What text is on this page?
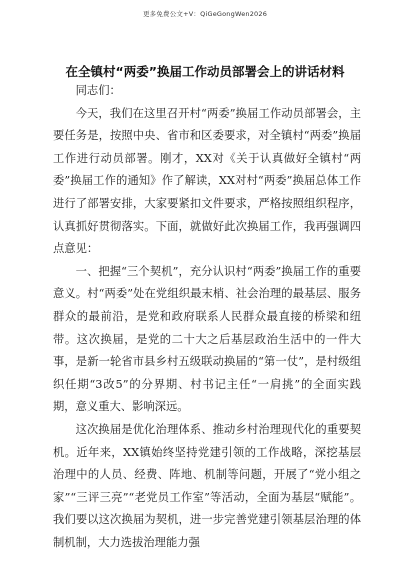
更多免费公文+V：QiGeGongWen2026
在全镇村“两委”换届工作动员部署会上的讲话材料

同志们：

今天，我们在这里召开村“两委”换届工作动员部署会，主要任务是，按照中央、省市和区委要求，对全镇村“两委”换届工作进行动员部署。刚才，XX对《关于认真做好全镇村“两委”换届工作的通知》作了解读，XX对村“两委”换届总体工作进行了部署安排，大家要紧扣文件要求，严格按照组织程序，认真抓好贯彻落实。下面，就做好此次换届工作，我再强调四点意见：

一、把握“三个契机”，充分认识村“两委”换届工作的重要意义。村“两委”处在党组织最末梢、社会治理的最基层、服务群众的最前沿，是党和政府联系人民群众最直接的桥梁和纽带。这次换届，是党的二十大之后基层政治生活中的一件大事，是新一轮省市县乡村五级联动换届的“第一仗”，是村级组织任期“3改5”的分界期、村书记主任“一肩挑”的全面实践期，意义重大、影响深远。

这次换届是优化治理体系、推动乡村治理现代化的重要契机。近年来，XX镇始终坚持党建引领的工作战略，深挖基层治理中的人员、经费、阵地、机制等问题，开展了“党小组之家”“三评三亮”“老党员工作室”等活动，全面为基层“赋能”。我们要以这次换届为契机，进一步完善党建引领基层治理的体制机制，大力选拔治理能力强
